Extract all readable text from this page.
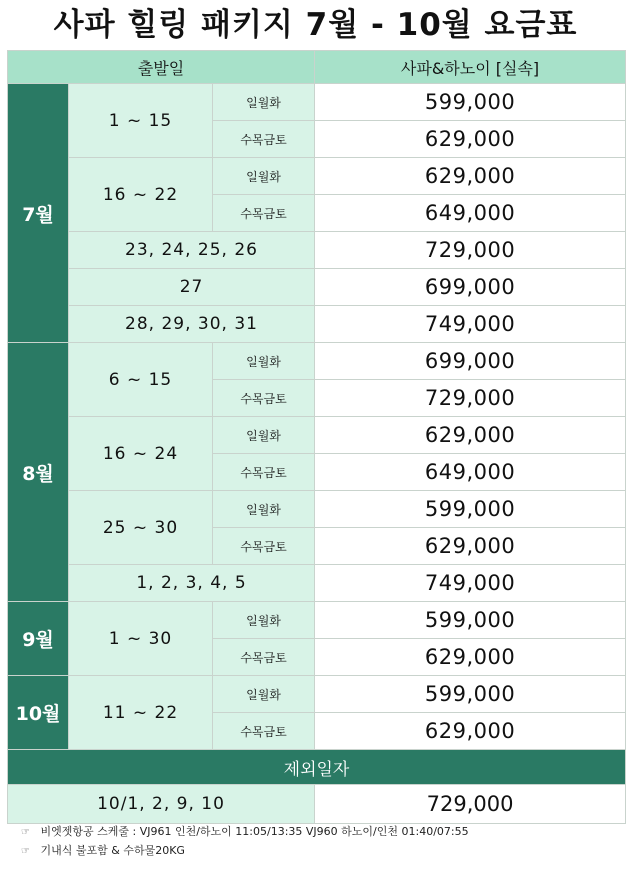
사파 힐링 패키지 7월 - 10월 요금표
출발일			사파&하노이 [실속]
7월	1 ~ 15	일월화	599,000
		수목금토	629,000
	16 ~ 22	일월화	629,000
		수목금토	649,000
	23, 24, 25, 26		729,000
	27		699,000
	28, 29, 30, 31		749,000
8월	6 ~ 15	일월화	699,000
		수목금토	729,000
	16 ~ 24	일월화	629,000
		수목금토	649,000
	25 ~ 30	일월화	599,000
		수목금토	629,000
	1, 2, 3, 4, 5		749,000
9월	1 ~ 30	일월화	599,000
		수목금토	629,000
10월	11 ~ 22	일월화	599,000
		수목금토	629,000
제외일자			
10/1, 2, 9, 10			729,000
☞ 비엣젯항공 스케줄 : VJ961 인천/하노이 11:05/13:35 VJ960 하노이/인천 01:40/07:55
☞ 기내식 불포함 & 수하물20KG
